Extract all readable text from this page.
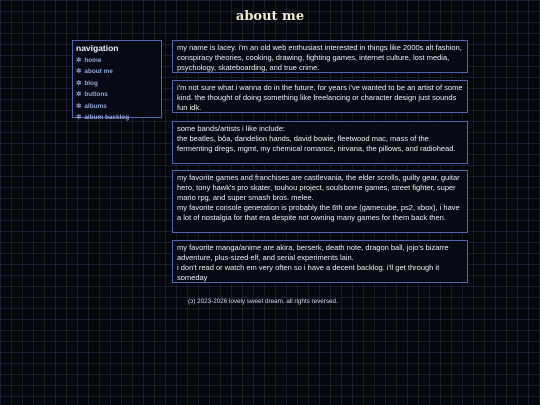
about me
navigation
✲ home
✲ about me
✲ blog
✲ buttons
✲ albums
✲ album backlog

my name is lacey. i'm an old web enthusiast interested in things like 2000s alt fashion, conspiracy theories, cooking, drawing, fighting games, internet culture, lost media, psychology, skateboarding, and true crime.

i'm not sure what i wanna do in the future. for years i've wanted to be an artist of some kind. the thought of doing something like freelancing or character design just sounds fun idk.

some bands/artists i like include:

the beatles, bôa, dandelion hands, david bowie, fleetwood mac, mass of the fermenting dregs, mgmt, my chemical romance, nirvana, the pillows, and radiohead.

my favorite games and franchises are castlevania, the elder scrolls, guilty gear, guitar hero, tony hawk's pro skater, touhou project, soulsborne games, street fighter, super mario rpg, and super smash bros. melee.

my favorite console generation is probably the 6th one (gamecube, ps2, xbox), i have a lot of nostalgia for that era despite not owning many games for them back then.

my favorite manga/anime are akira, berserk, death note, dragon ball, jojo's bizarre adventure, plus-sized elf, and serial experiments lain.

i don't read or watch em very often so i have a decent backlog. i'll get through it someday

(ↄ) 2023-2026 lovely sweet dream. all rights reversed.
